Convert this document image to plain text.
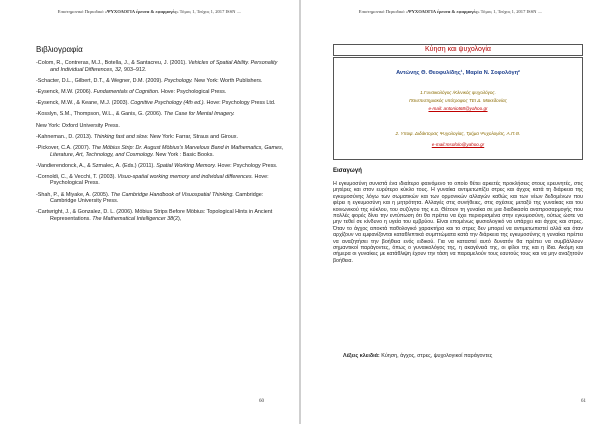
Επιστημονικό Περιοδικό «ΨΥΧΟΛΟΓΙΑ έρευνα & εφαρμογές» Τόμος 1, Τεύχος 1, 2017 ISSN ....
Βιβλιογραφία
-Colom, R., Contreras, M.J., Botella, J., & Santacreu, J. (2001). Vehicles of Spatial Ability. Personality and Individual Differences, 32, 903–912.
-Schacter, D.L., Gilbert, D.T., & Wegner, D.M. (2009). Psychology. New York: Worth Publishers.
-Eysenck, M.W. (2006). Fundamentals of Cognition. Hove: Psychological Press.
-Eysenck, M.W., & Keane, M.J. (2003). Cognitive Psychology (4th ed.). Hove: Psychology Press Ltd.
-Kosslyn, S.M., Thompson, W.L., & Ganis, G. (2006). The Case for Mental Imagery.
New York: Oxford University Press.
-Kahneman., D. (2013). Thinking fast and slow. New York: Farrar, Straus and Giroux.
-Pickover, C.A. (2007). The Möbius Strip: Dr. August Möbius's Marvelous Band in Mathematics, Games, Literature, Art, Technology, and Cosmology. New York : Basic Books.
-Vandierendonck, A., & Szmalec, A. (Eds.) (2011). Spatial Working Memory. Hove: Psychology Press.
-Cornoldi, C., & Vecchi, T. (2003). Visuo-spatial working memory and individual differences. Hove: Psychological Press.
-Shah, P., & Miyake, A. (2005). The Cambridge Handbook of Visuospatial Thinking. Cambridge: Cambridge University Press.
-Cartwright, J., & Gonzalez, D. L. (2006). Möbius Strips Before Möbius: Topological Hints in Ancient Representations. The Mathematical Intelligencer 38(2),
60
Επιστημονικό Περιοδικό «ΨΥΧΟΛΟΓΙΑ έρευνα & εφαρμογές» Τόμος 1, Τεύχος 1, 2017 ISSN ....
Κύηση και ψυχολογία
Αντώνης Θ. Θεοφυλίδης¹, Μαρία Ν. Σοφολόγη²
1.Γυναικολόγος /Κλινικός ψυχολόγος.
Πανεπιστημιακός υπότροφος ΤΕΙ Δ. Μακεδονίας
e-mail: antoniot68@yahoo.gr
2. Υποψ. Διδάκτορας Ψυχολογίας, Τμήμα Ψυχολογίας, Α.Π.Θ.
e-mail:msofolo@yahoo.gr
Εισαγωγή
Η εγκυμοσύνη συνιστά ένα ιδιαίτερο φαινόμενο το οποίο θέτει αρκετές προκλήσεις στους ερευνητές, στις μητέρες και στον ευρύτερο κύκλο τους. Η γυναίκα αντιμετωπίζει στρες και άγχος κατά τη διάρκεια της εγκυμοσύνης λόγω των σωματικών και των ορμονικών αλλαγών καθώς και των νέων δεδομένων που φέρει η εγκυμοσύνη και η μητρότητα. Αλλαγές στις συνήθειες, στις σχέσεις μεταξύ της γυναίκας και του κοινωνικού της κύκλου, του συζύγου της κ.α. Θέτουν τη γυναίκα σε μια διαδικασία αναπροσαρμογής που πολλές φορές δίνει την εντύπωση ότι θα πρέπει να έχει περιορισμένα στην εγκυμοσύνη, ούτως ώστε να μην τεθεί σε κίνδυνο η υγεία του εμβρύου. Είναι επομένως φυσιολογικό να υπάρχει και άγχος και στρες. Όταν το άγχος αποκτά παθολογικό χαρακτήρα και το στρες δεν μπορεί να αντιμετωπιστεί αλλά και όταν αρχίζουν να εμφανίζονται καταθλιπτικά συμπτώματα κατά την διάρκεια της εγκυμοσύνης η γυναίκα πρέπει να αναζητήσει την βοήθεια ενός ειδικού. Για να καταστεί αυτό δυνατόν θα πρέπει να συμβάλλουν σημαντικοί παράγοντες, όπως ο γυναικολόγος της, η ακαγένειά της, οι φίλοι της και η ίδια. Ακόμη και σήμερα οι γυναίκες με κατάθλιψη έχουν την τάση να παραμελούν τους εαυτούς τους και να μην αναζητούν βοήθεια.
Λέξεις κλειδιά: Κύηση, άγχος, στρες, ψυχολογικοί παράγοντες
61
